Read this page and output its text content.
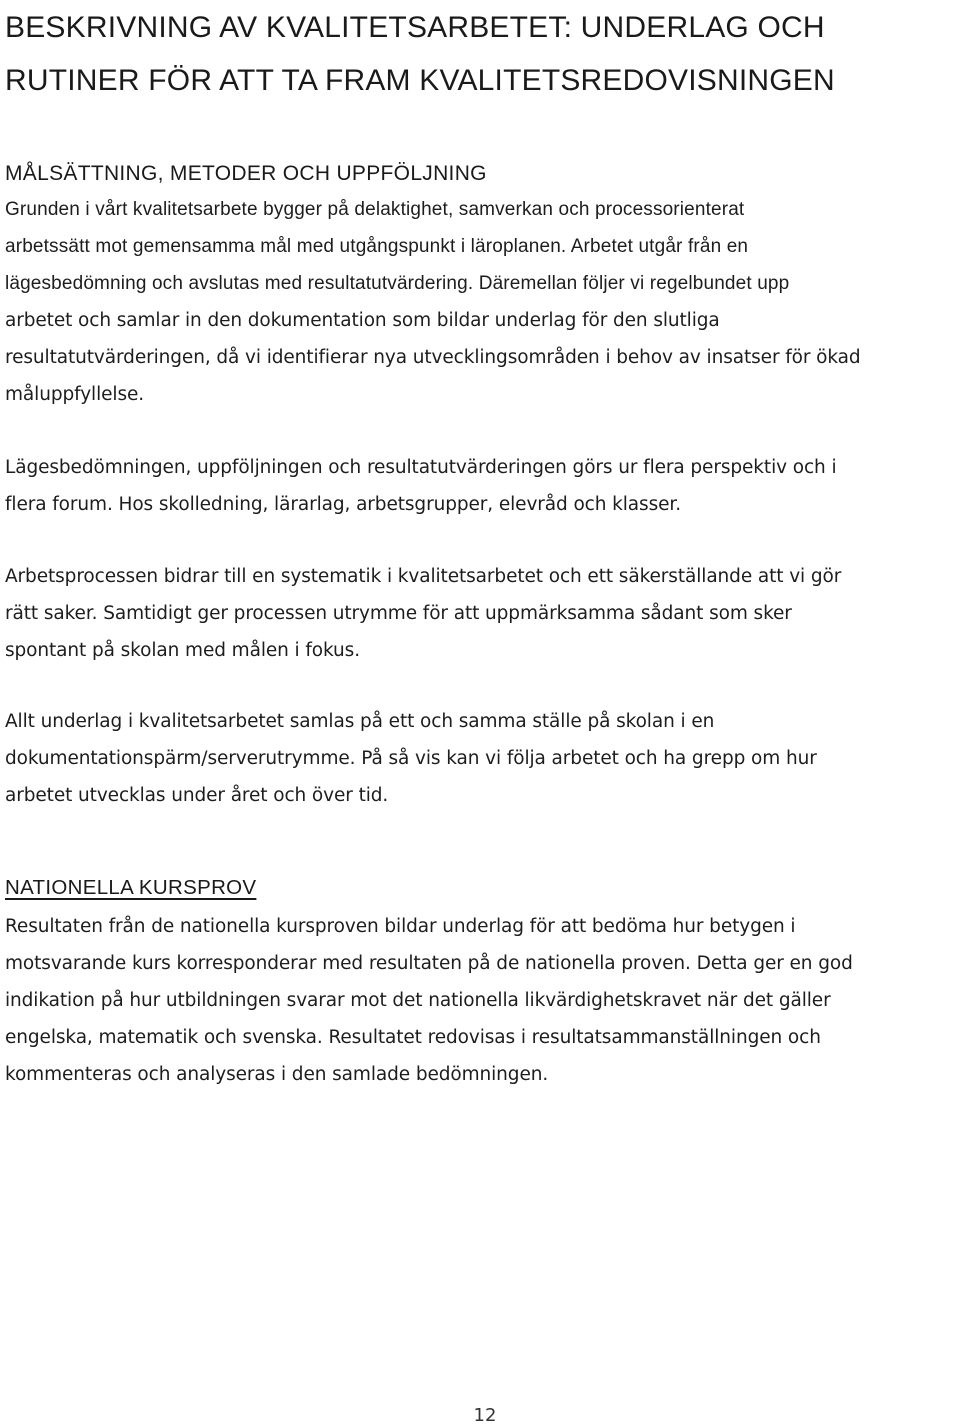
BESKRIVNING AV KVALITETSARBETET: UNDERLAG OCH
RUTINER FÖR ATT TA FRAM KVALITETSREDOVISNINGEN
MÅLSÄTTNING, METODER OCH UPPFÖLJNING

Grunden i vårt kvalitetsarbete bygger på delaktighet, samverkan och processorienterat
arbetssätt mot gemensamma mål med utgångspunkt i läroplanen. Arbetet utgår från en
lägesbedömning och avslutas med resultatutvärdering. Däremellan följer vi regelbundet upp
arbetet och samlar in den dokumentation som bildar underlag för den slutliga
resultatutvärderingen, då vi identifierar nya utvecklingsområden i behov av insatser för ökad
måluppfyllelse.

Lägesbedömningen, uppföljningen och resultatutvärderingen görs ur flera perspektiv och i
flera forum. Hos skolledning, lärarlag, arbetsgrupper, elevråd och klasser.

Arbetsprocessen bidrar till en systematik i kvalitetsarbetet och ett säkerställande att vi gör
rätt saker. Samtidigt ger processen utrymme för att uppmärksamma sådant som sker
spontant på skolan med målen i fokus.

Allt underlag i kvalitetsarbetet samlas på ett och samma ställe på skolan i en
dokumentationspärm/serverutrymme. På så vis kan vi följa arbetet och ha grepp om hur
arbetet utvecklas under året och över tid.

NATIONELLA KURSPROV

Resultaten från de nationella kursproven bildar underlag för att bedöma hur betygen i
motsvarande kurs korresponderar med resultaten på de nationella proven. Detta ger en god
indikation på hur utbildningen svarar mot det nationella likvärdighetskravet när det gäller
engelska, matematik och svenska. Resultatet redovisas i resultatsammanställningen och
kommenteras och analyseras i den samlade bedömningen.

12
